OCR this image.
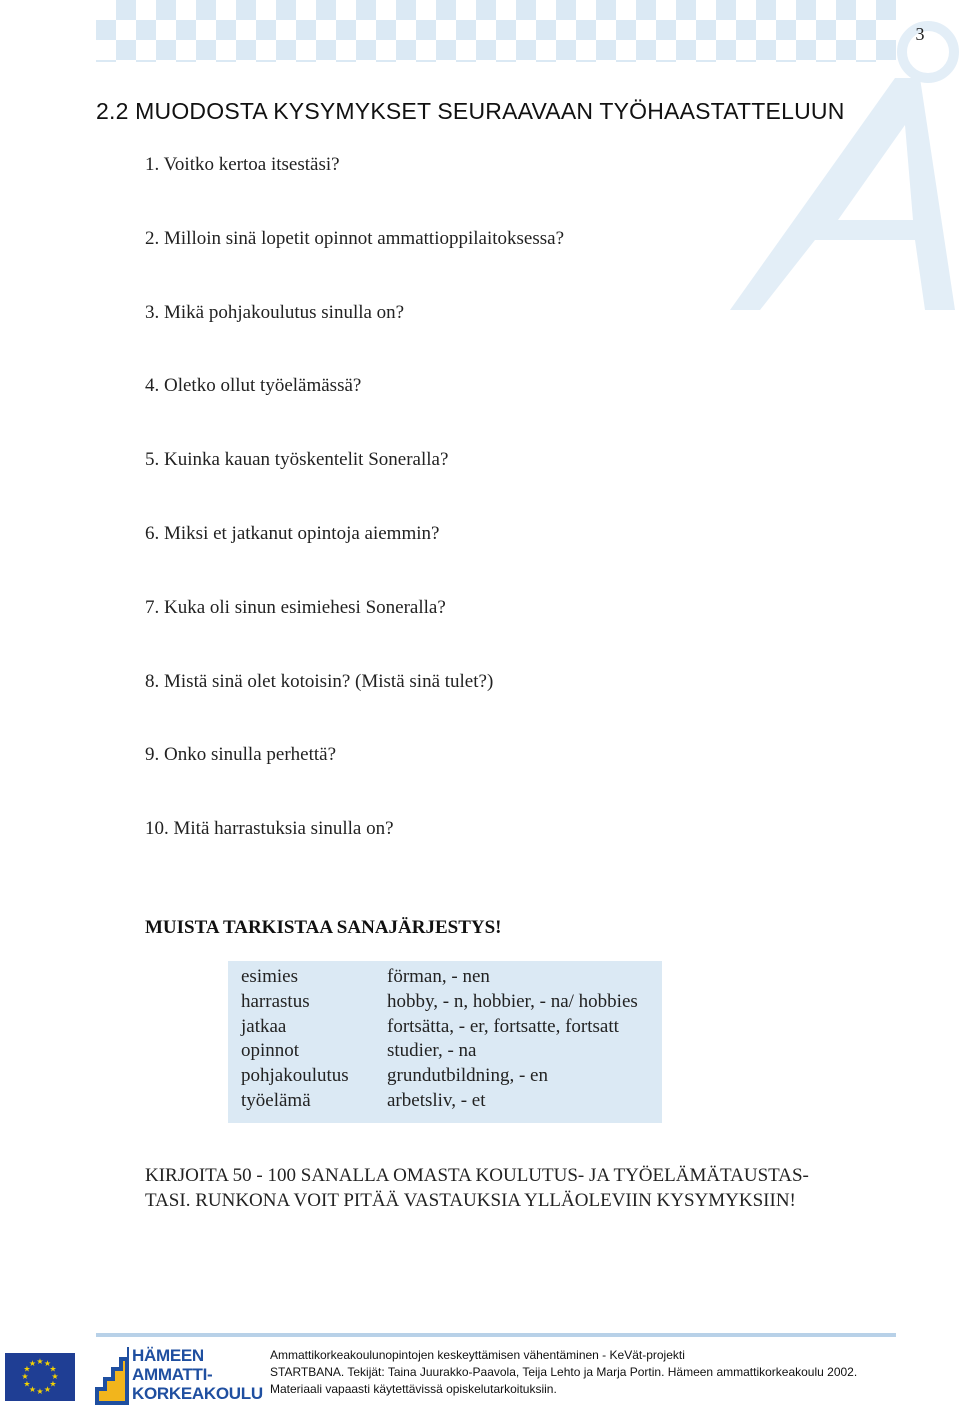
3
2.2 MUODOSTA KYSYMYKSET SEURAAVAAN TYÖHAASTATTELUUN
1. Voitko kertoa itsestäsi?
2. Milloin sinä lopetit opinnot ammattioppilaitoksessa?
3. Mikä pohjakoulutus sinulla on?
4. Oletko ollut työelämässä?
5. Kuinka kauan työskentelit Soneralla?
6. Miksi et jatkanut opintoja aiemmin?
7. Kuka oli sinun esimiehesi Soneralla?
8. Mistä sinä olet kotoisin? (Mistä sinä tulet?)
9. Onko sinulla perhettä?
10. Mitä harrastuksia sinulla on?
MUISTA TARKISTAA SANAJÄRJESTYS!
esimies	förman, - nen
harrastus	hobby, - n, hobbier, - na/ hobbies
jatkaa	fortsätta, - er, fortsatte, fortsatt
opinnot	studier, - na
pohjakoulutus grundutbildning, - en
työelämä	arbetsliv, - et
KIRJOITA 50 - 100 SANALLA OMASTA KOULUTUS- JA TYÖELÄMÄTAUSTAS-
TASI. RUNKONA VOIT PITÄÄ VASTAUKSIA YLLÄOLEVIIN KYSYMYKSIIN!
★ ★
★
★
★
★
★
★
★
★
★
★	HÄMEEN
AMMATTI-
KORKEAKOULU
Ammattikorkeakoulunopintojen keskeyttämisen vähentäminen - KeVät-projekti
STARTBANA. Tekijät: Taina Juurakko-Paavola, Teija Lehto ja Marja Portin. Hämeen ammattikorkeakoulu 2002.
Materiaali vapaasti käytettävissä opiskelutarkoituksiin.
